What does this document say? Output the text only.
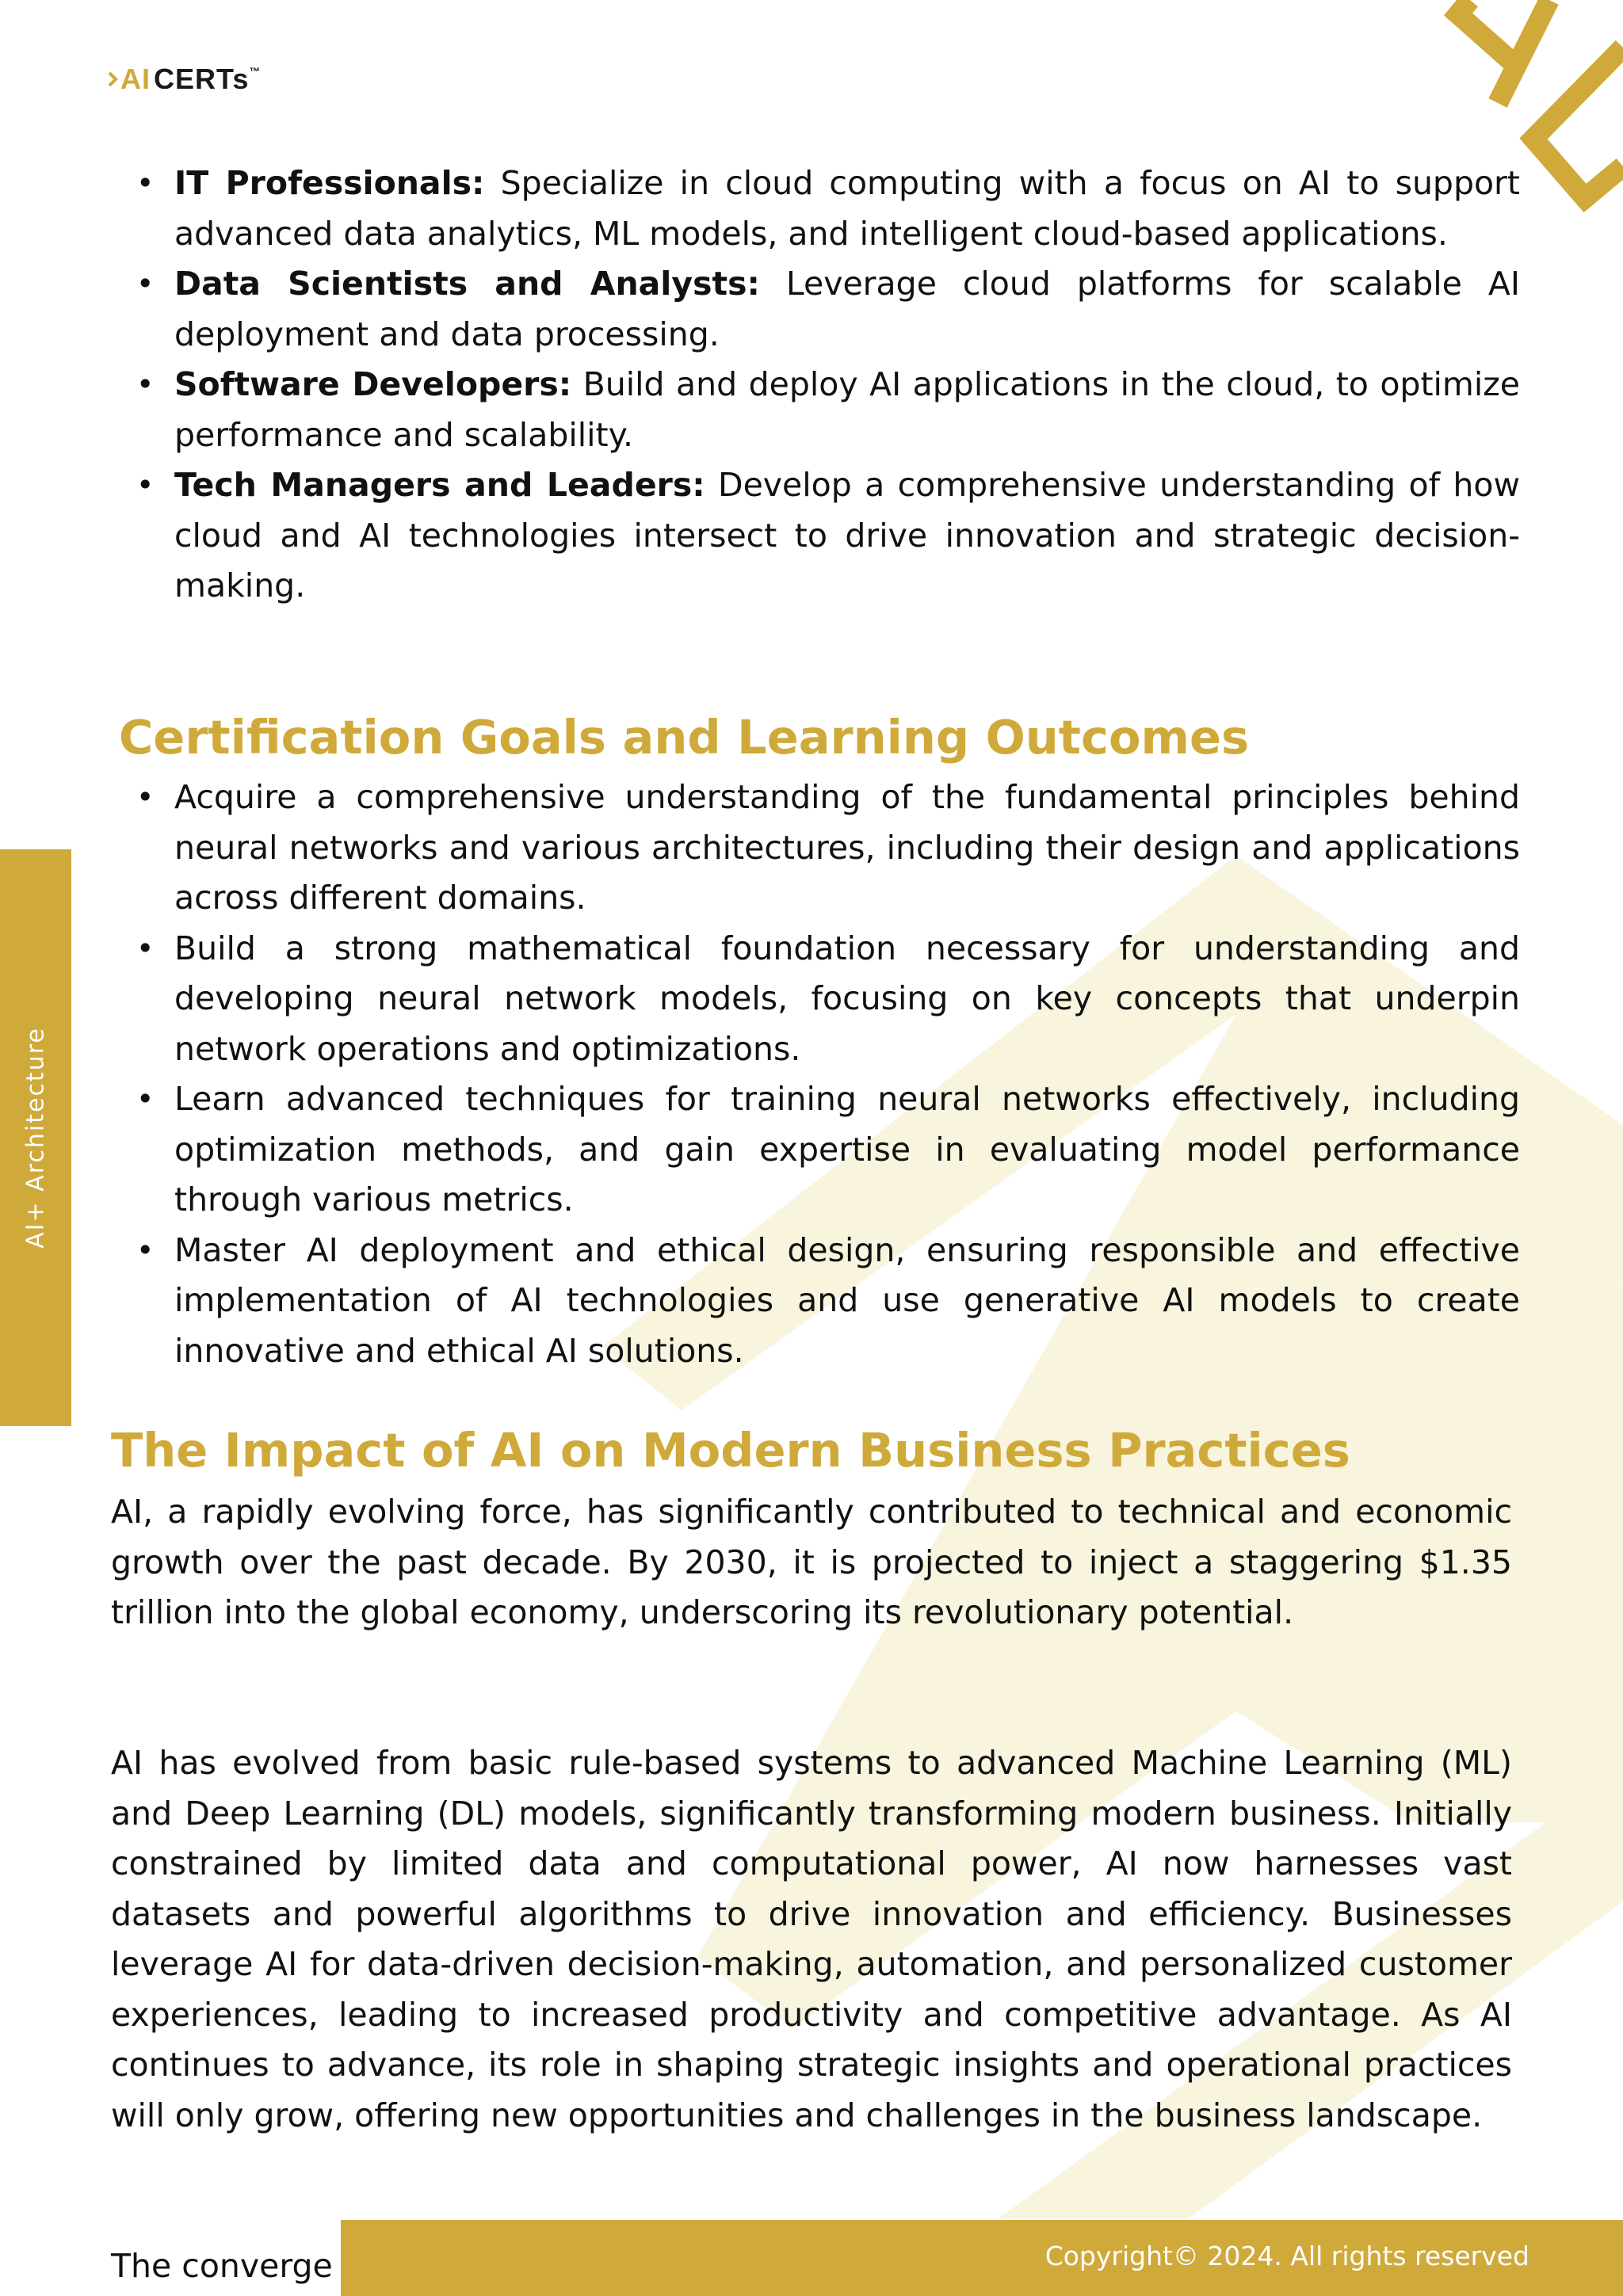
AI CERTs ™
AI+ Architecture
• IT Professionals: Specialize in cloud computing with a focus on AI to support advanced data analytics, ML models, and intelligent cloud-based applications.
• Data Scientists and Analysts: Leverage cloud platforms for scalable AI deployment and data processing.
• Software Developers: Build and deploy AI applications in the cloud, to optimize performance and scalability.
• Tech Managers and Leaders: Develop a comprehensive understanding of how cloud and AI technologies intersect to drive innovation and strategic decision- making.
Certification Goals and Learning Outcomes
• Acquire a comprehensive understanding of the fundamental principles behind neural networks and various architectures, including their design and applications across different domains.
• Build a strong mathematical foundation necessary for understanding and developing neural network models, focusing on key concepts that underpin network operations and optimizations.
• Learn advanced techniques for training neural networks effectively, including optimization methods, and gain expertise in evaluating model performance through various metrics.
• Master AI deployment and ethical design, ensuring responsible and effective implementation of AI technologies and use generative AI models to create innovative and ethical AI solutions.
The Impact of AI on Modern Business Practices

AI, a rapidly evolving force, has significantly contributed to technical and economic growth over the past decade. By 2030, it is projected to inject a staggering $1.35 trillion into the global economy, underscoring its revolutionary potential.

AI has evolved from basic rule-based systems to advanced Machine Learning (ML) and Deep Learning (DL) models, significantly transforming modern business. Initially constrained by limited data and computational power, AI now harnesses vast datasets and powerful algorithms to drive innovation and efficiency. Businesses leverage AI for data-driven decision-making, automation, and personalized customer experiences, leading to increased productivity and competitive advantage. As AI continues to advance, its role in shaping strategic insights and operational practices will only grow, offering new opportunities and challenges in the business landscape.

The converge	Copyright© 2024. All rights reserved
